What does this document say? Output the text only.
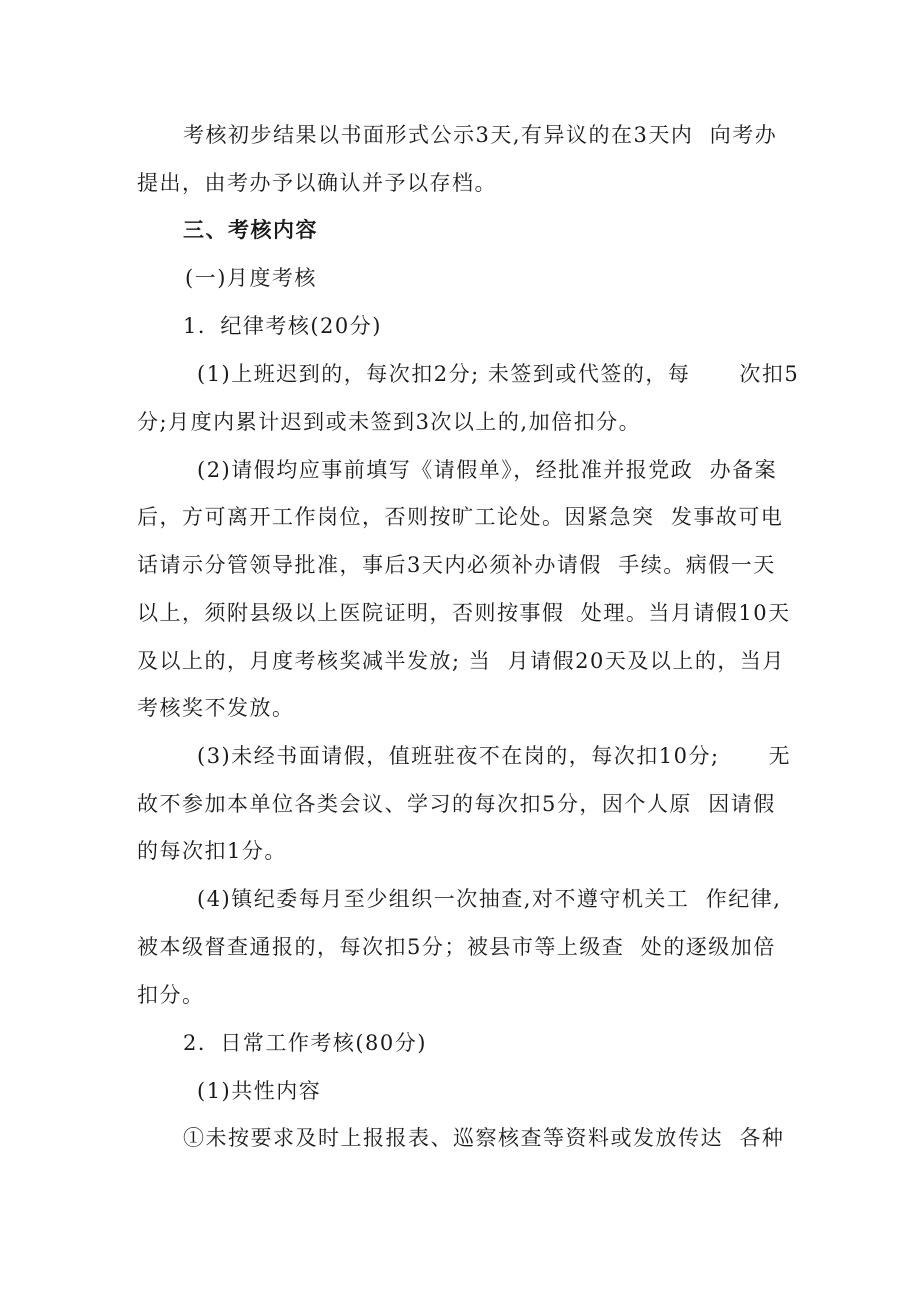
考核初步结果以书面形式公示3天,有异议的在3天内  向考办
提出，由考办予以确认并予以存档。
三、考核内容
(一)月度考核
1．纪律考核(20分)
(1)上班迟到的，每次扣2分; 未签到或代签的，每      次扣5
分;月度内累计迟到或未签到3次以上的,加倍扣分。
(2)请假均应事前填写《请假单》，经批准并报党政  办备案
后，方可离开工作岗位，否则按旷工论处。因紧急突  发事故可电
话请示分管领导批准，事后3天内必须补办请假  手续。病假一天
以上，须附县级以上医院证明，否则按事假  处理。当月请假10天
及以上的，月度考核奖减半发放; 当  月请假20天及以上的，当月
考核奖不发放。
(3)未经书面请假，值班驻夜不在岗的，每次扣10分;      无
故不参加本单位各类会议、学习的每次扣5分，因个人原  因请假
的每次扣1分。
(4)镇纪委每月至少组织一次抽查,对不遵守机关工  作纪律,
被本级督查通报的，每次扣5分；被县市等上级查  处的逐级加倍
扣分。
2．日常工作考核(80分)
(1)共性内容
①未按要求及时上报报表、巡察核查等资料或发放传达  各种
